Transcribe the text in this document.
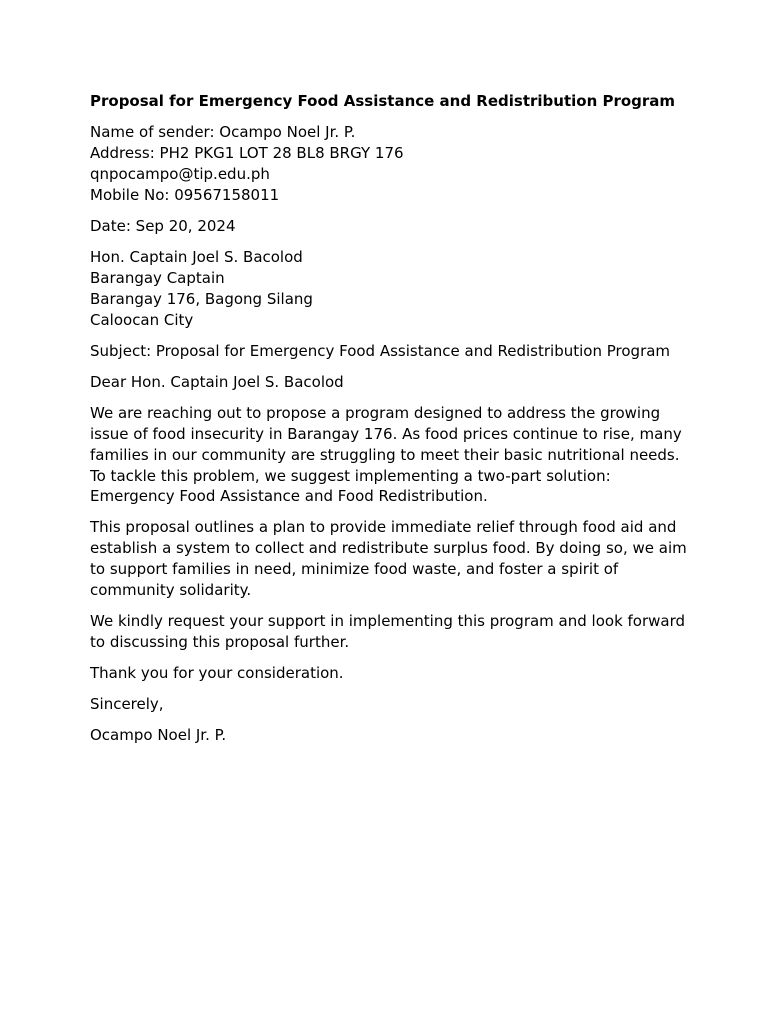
Proposal for Emergency Food Assistance and Redistribution Program
Name of sender: Ocampo Noel Jr. P.
Address: PH2 PKG1 LOT 28 BL8 BRGY 176
qnpocampo@tip.edu.ph
Mobile No: 09567158011
Date: Sep 20, 2024
Hon. Captain Joel S. Bacolod
Barangay Captain
Barangay 176, Bagong Silang
Caloocan City
Subject: Proposal for Emergency Food Assistance and Redistribution Program
Dear Hon. Captain Joel S. Bacolod

We are reaching out to propose a program designed to address the growing issue of food insecurity in Barangay 176. As food prices continue to rise, many families in our community are struggling to meet their basic nutritional needs. To tackle this problem, we suggest implementing a two-part solution: Emergency Food Assistance and Food Redistribution.

This proposal outlines a plan to provide immediate relief through food aid and establish a system to collect and redistribute surplus food. By doing so, we aim to support families in need, minimize food waste, and foster a spirit of community solidarity.

We kindly request your support in implementing this program and look forward to discussing this proposal further.

Thank you for your consideration.

Sincerely,
Ocampo Noel Jr. P.
